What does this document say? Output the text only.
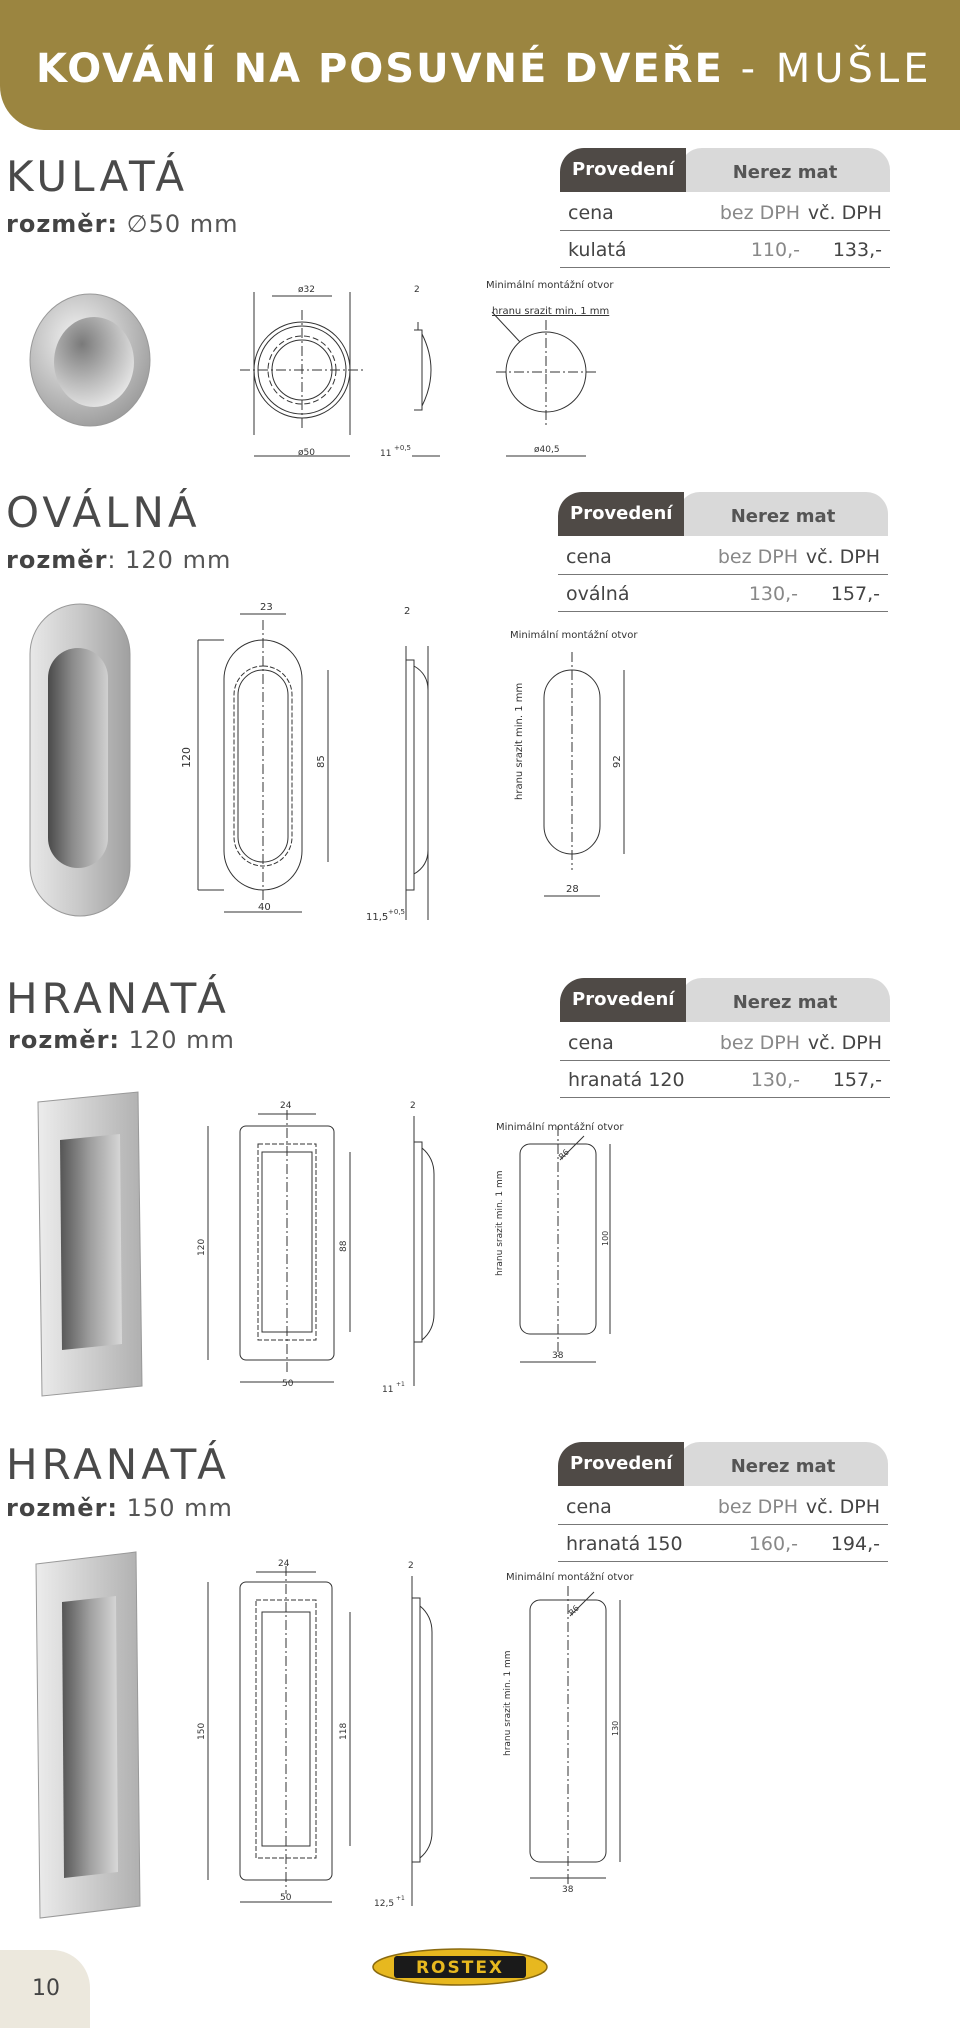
KOVÁNÍ NA POSUVNÉ DVEŘE - MUŠLE
KULATÁ
rozměr: ∅50 mm
Nerez mat
Provedení
cena	bez DPH vč. DPH
kulatá	110,-	133,-
ø32
ø50	11
+0,5
2	Minimální montážní otvor
hranu srazit min. 1 mm
ø40,5
OVÁLNÁ
rozměr: 120 mm
Nerez mat
Provedení
cena	bez DPH vč. DPH
oválná	130,-	157,-
23
120	85
40
2
11,5 +0,5
Minimální montážní otvor
hranu srazit min. 1 mm	92
28
HRANATÁ
rozměr: 120 mm
Nerez mat
Provedení
cena	bez DPH vč. DPH
hranatá 120	130,-	157,-
24
120	88
50
2
11
+1
Minimální montážní otvor
hranu srazit min. 1 mm
R6
100
38
HRANATÁ
rozměr: 150 mm
Nerez mat
Provedení
cena	bez DPH vč. DPH
hranatá 150	160,-	194,-
24
150	118
50
2
12,5
+1
Minimální montážní otvor
hranu srazit min. 1 mm
R6
130
38
10
ROSTEX
